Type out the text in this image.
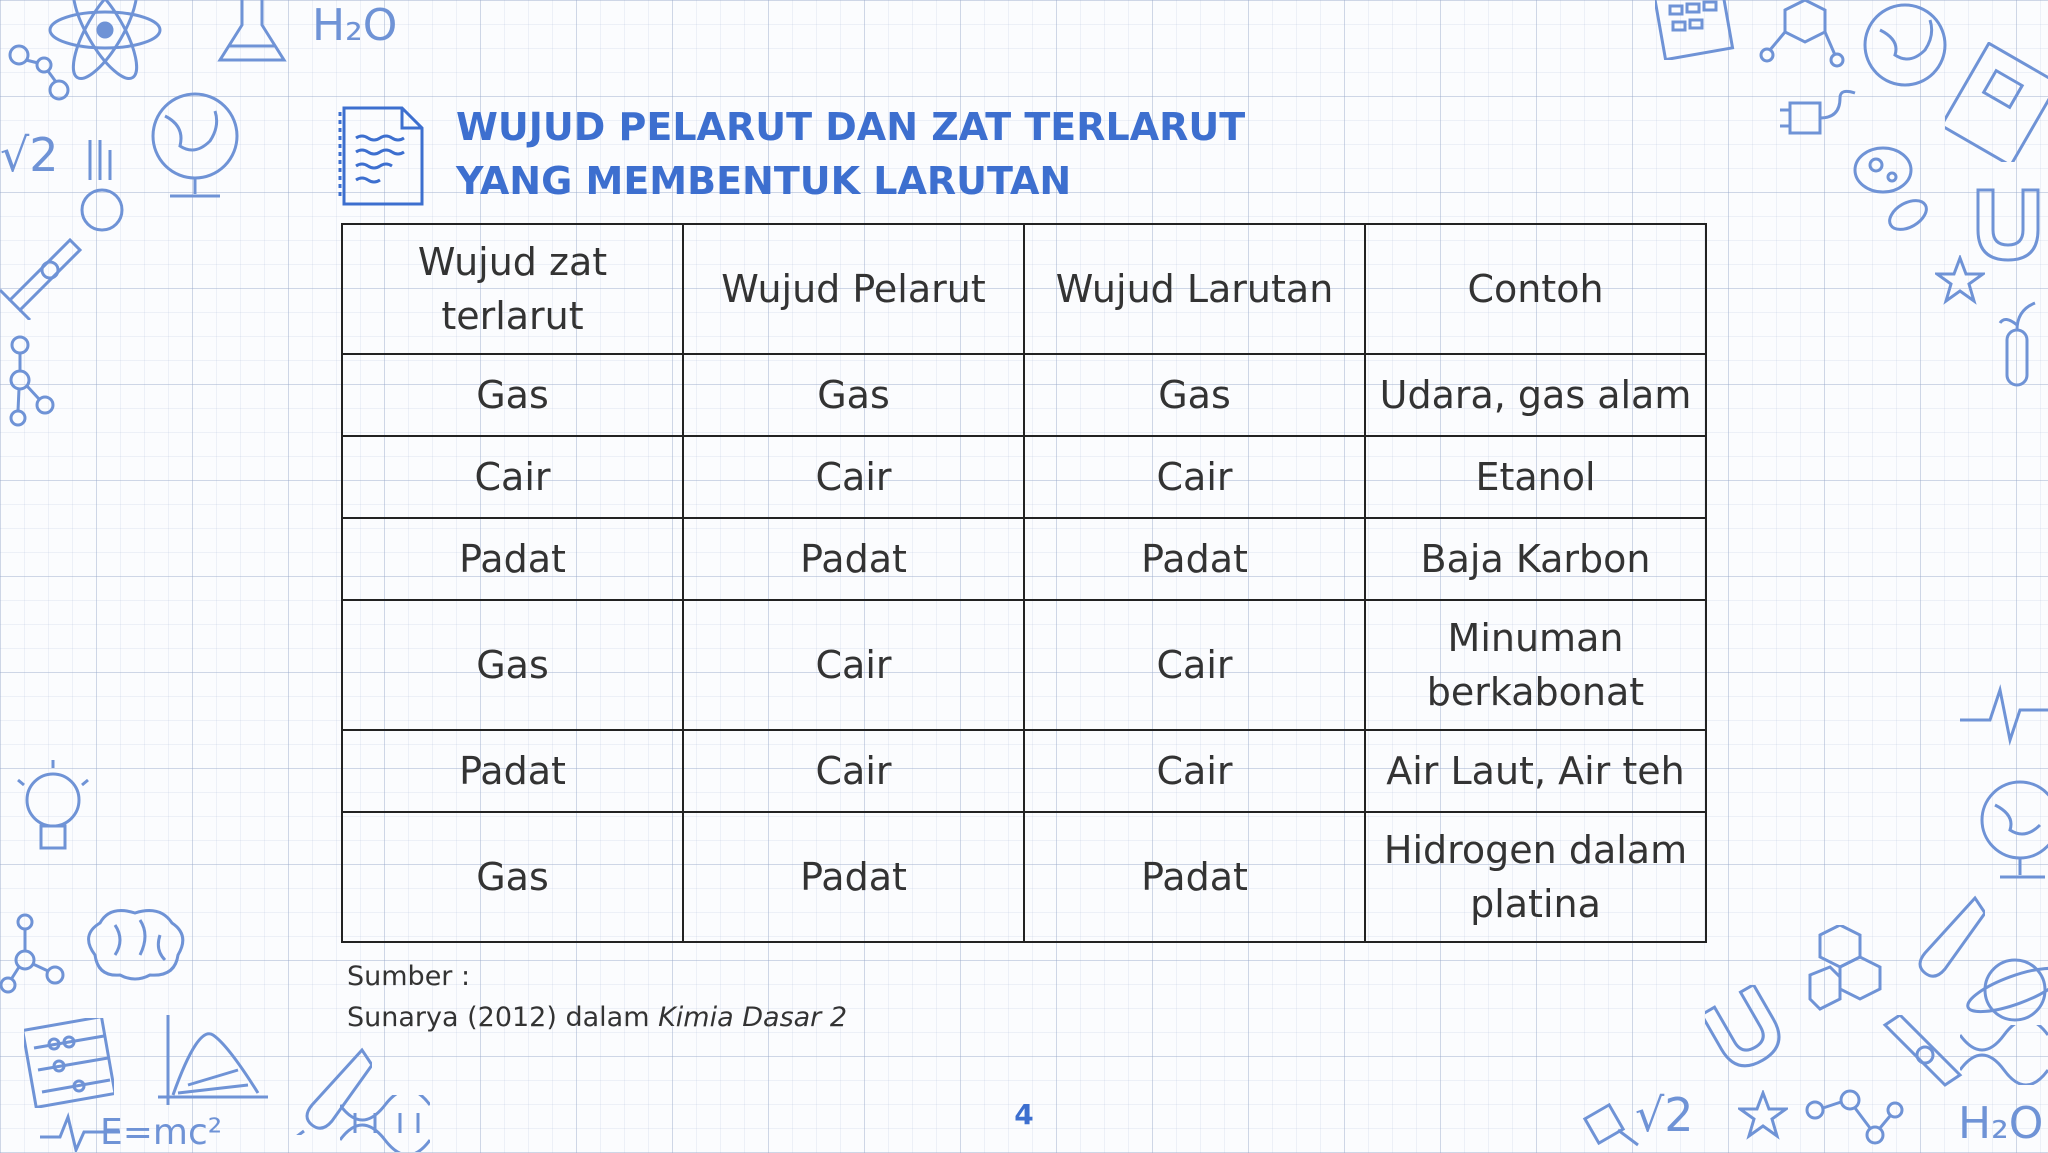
H₂O
√2
E=mc²	√2	H₂O
WUJUD PELARUT DAN ZAT TERLARUT
YANG MEMBENTUK LARUTAN
Wujud zat terlarut	Wujud Pelarut	Wujud Larutan	Contoh
Gas	Gas	Gas	Udara, gas alam
Cair	Cair	Cair	Etanol
Padat	Padat	Padat	Baja Karbon
Gas	Cair	Cair	Minuman berkabonat
Padat	Cair	Cair	Air Laut, Air teh
Gas	Padat	Padat	Hidrogen dalam platina
Sumber :
Sunarya (2012) dalam Kimia Dasar 2
4
